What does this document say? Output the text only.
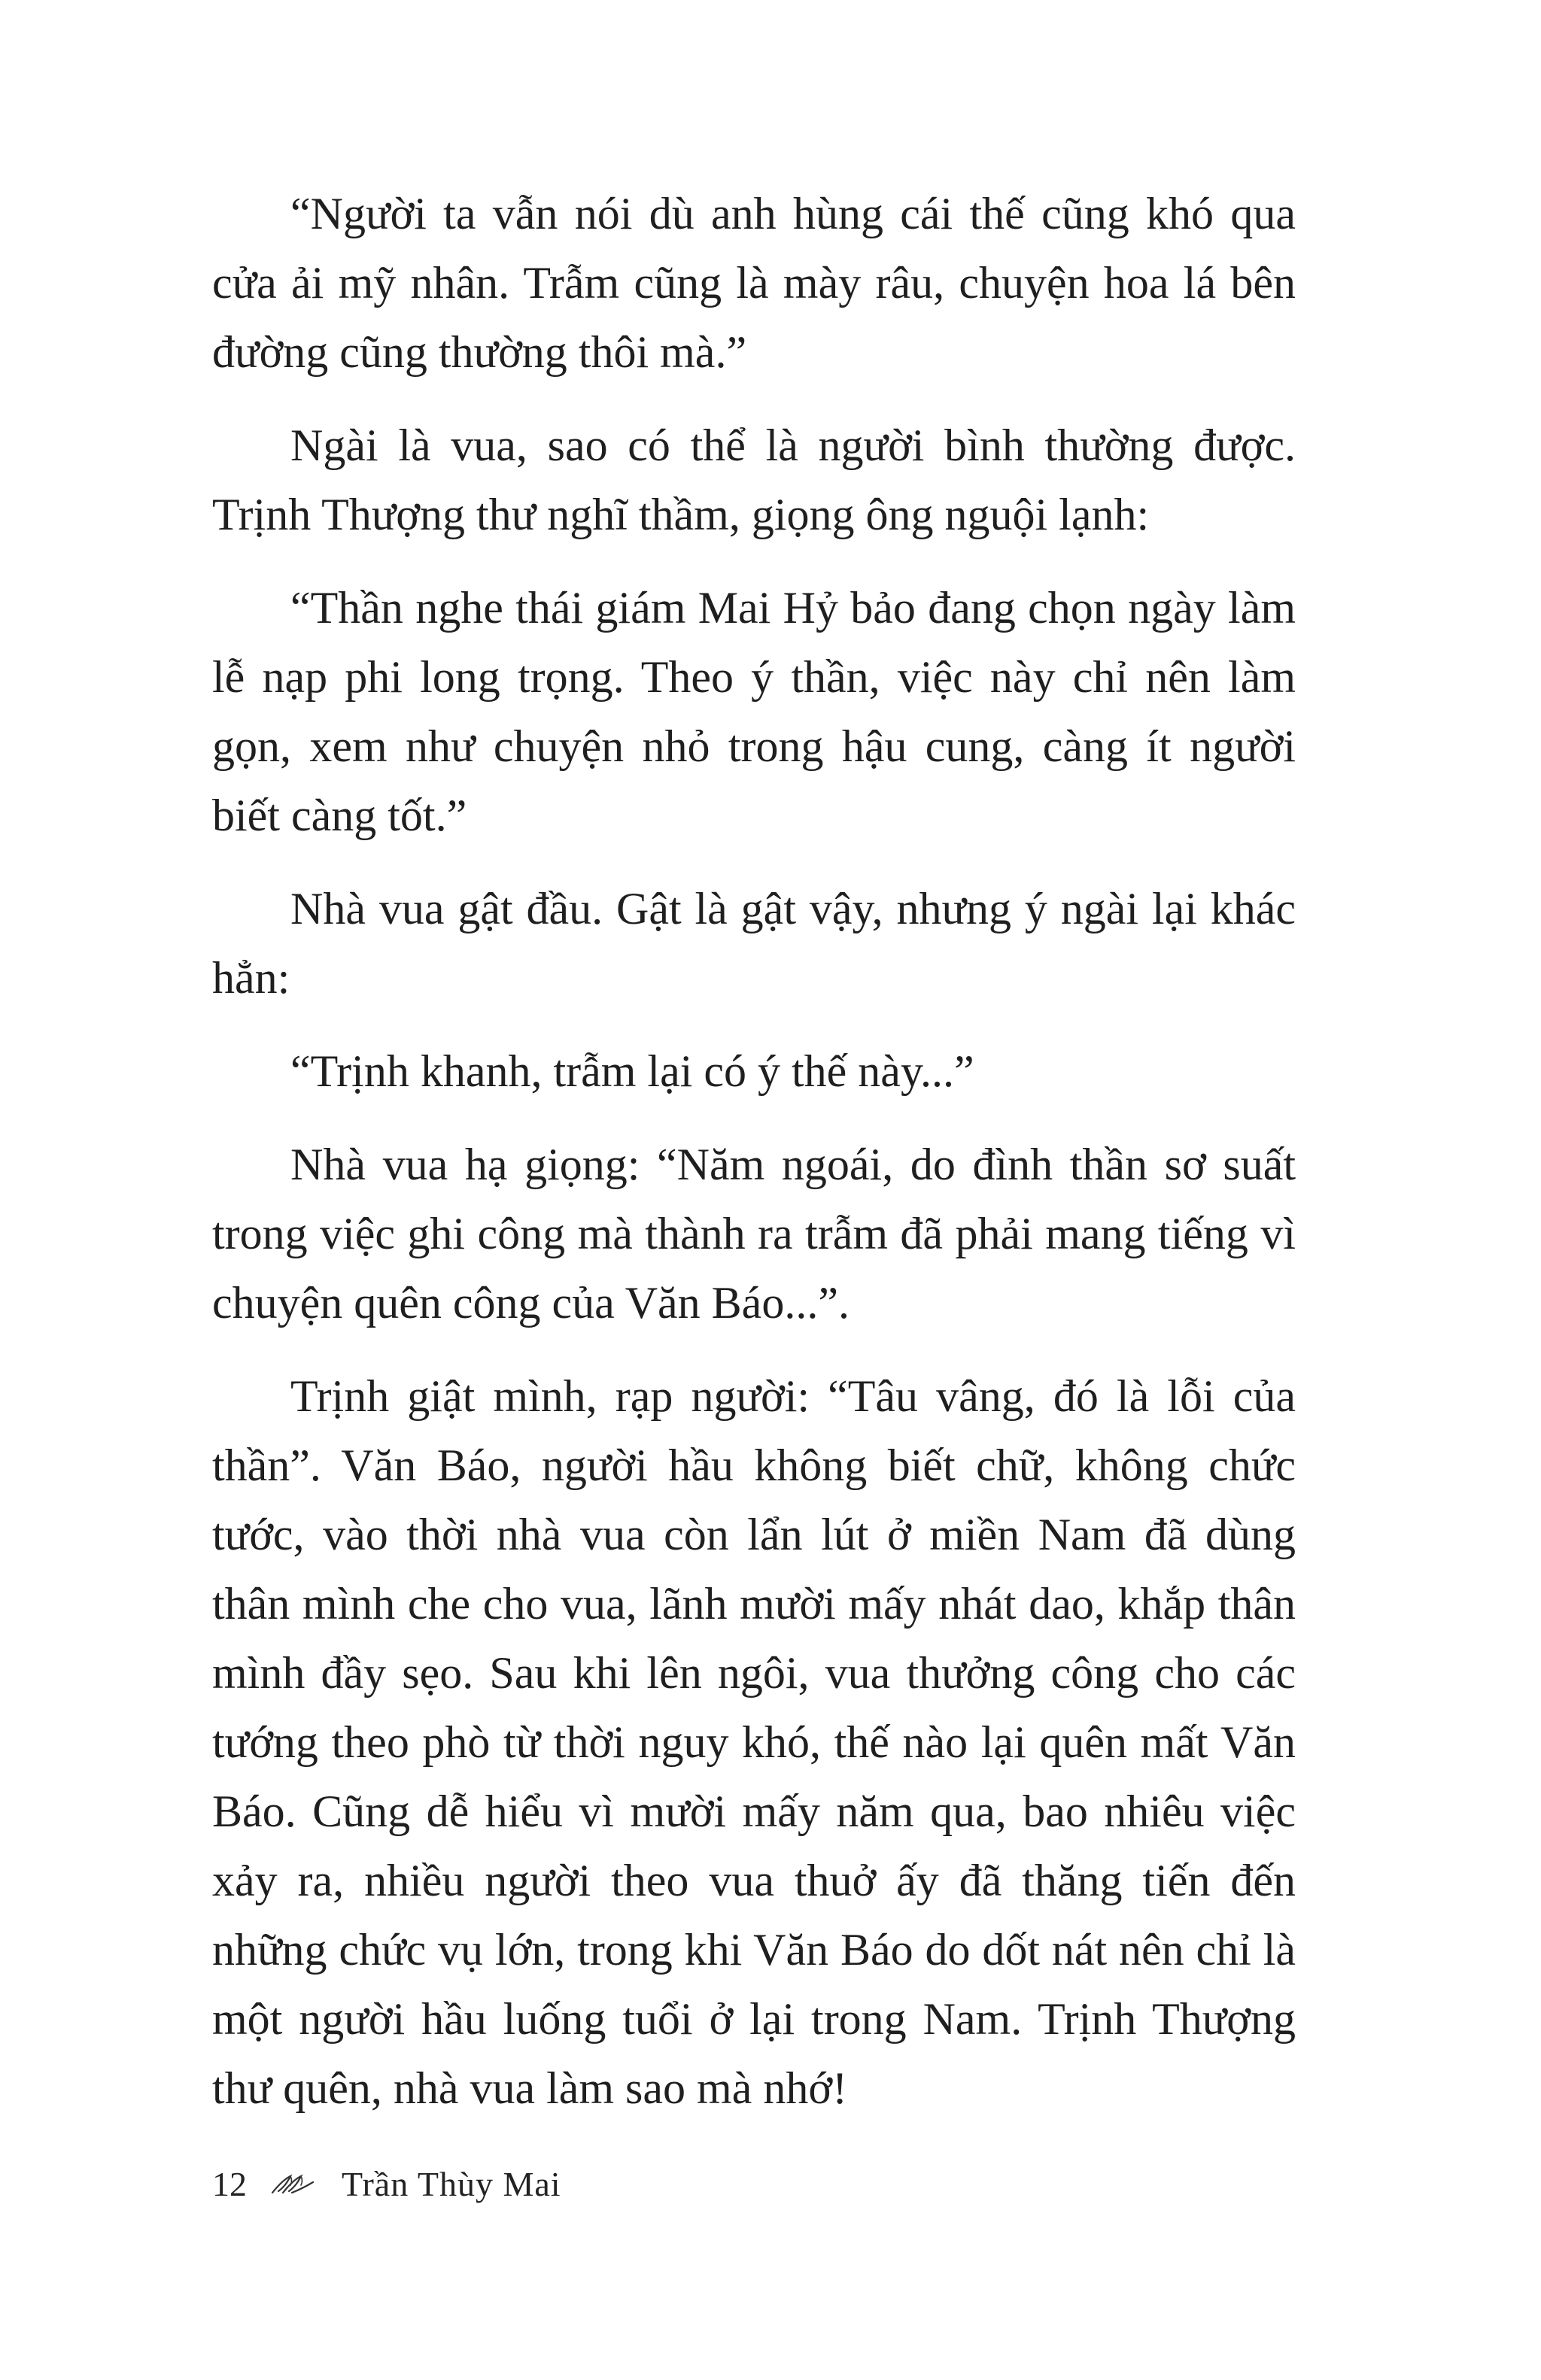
“Người ta vẫn nói dù anh hùng cái thế cũng khó qua cửa ải mỹ nhân. Trẫm cũng là mày râu, chuyện hoa lá bên đường cũng thường thôi mà.”

Ngài là vua, sao có thể là người bình thường được. Trịnh Thượng thư nghĩ thầm, giọng ông nguội lạnh:

“Thần nghe thái giám Mai Hỷ bảo đang chọn ngày làm lễ nạp phi long trọng. Theo ý thần, việc này chỉ nên làm gọn, xem như chuyện nhỏ trong hậu cung, càng ít người biết càng tốt.”

Nhà vua gật đầu. Gật là gật vậy, nhưng ý ngài lại khác hẳn:

“Trịnh khanh, trẫm lại có ý thế này...”

Nhà vua hạ giọng: “Năm ngoái, do đình thần sơ suất trong việc ghi công mà thành ra trẫm đã phải mang tiếng vì chuyện quên công của Văn Báo...”.

Trịnh giật mình, rạp người: “Tâu vâng, đó là lỗi của thần”. Văn Báo, người hầu không biết chữ, không chức tước, vào thời nhà vua còn lẩn lút ở miền Nam đã dùng thân mình che cho vua, lãnh mười mấy nhát dao, khắp thân mình đầy sẹo. Sau khi lên ngôi, vua thưởng công cho các tướng theo phò từ thời nguy khó, thế nào lại quên mất Văn Báo. Cũng dễ hiểu vì mười mấy năm qua, bao nhiêu việc xảy ra, nhiều người theo vua thuở ấy đã thăng tiến đến những chức vụ lớn, trong khi Văn Báo do dốt nát nên chỉ là một người hầu luống tuổi ở lại trong Nam. Trịnh Thượng thư quên, nhà vua làm sao mà nhớ!

12	Trần Thùy Mai
